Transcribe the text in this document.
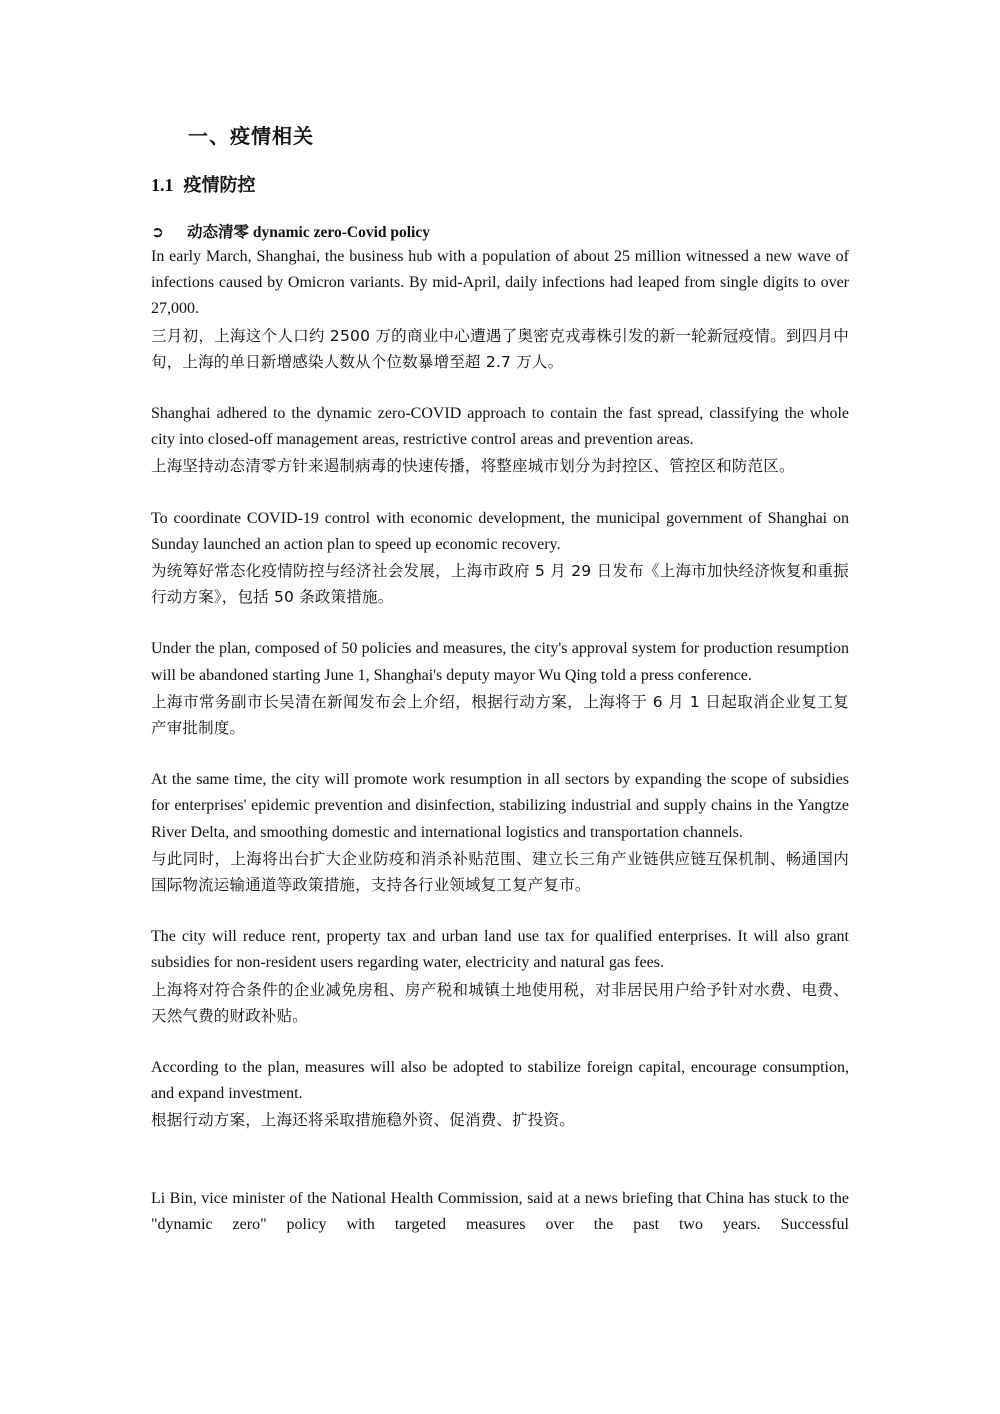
一、疫情相关
1.1 疫情防控
➲ 动态清零 dynamic zero-Covid policy

In early March, Shanghai, the business hub with a population of about 25 million witnessed a new wave of infections caused by Omicron variants. By mid-April, daily infections had leaped from single digits to over 27,000.

三月初，上海这个人口约 2500 万的商业中心遭遇了奥密克戎毒株引发的新一轮新冠疫情。到四月中旬，上海的单日新增感染人数从个位数暴增至超 2.7 万人。

Shanghai adhered to the dynamic zero-COVID approach to contain the fast spread, classifying the whole city into closed-off management areas, restrictive control areas and prevention areas.

上海坚持动态清零方针来遏制病毒的快速传播，将整座城市划分为封控区、管控区和防范区。

To coordinate COVID-19 control with economic development, the municipal government of Shanghai on Sunday launched an action plan to speed up economic recovery.

为统筹好常态化疫情防控与经济社会发展，上海市政府 5 月 29 日发布《上海市加快经济恢复和重振行动方案》，包括 50 条政策措施。

Under the plan, composed of 50 policies and measures, the city's approval system for production resumption will be abandoned starting June 1, Shanghai's deputy mayor Wu Qing told a press conference.

上海市常务副市长吴清在新闻发布会上介绍，根据行动方案，上海将于 6 月 1 日起取消企业复工复产审批制度。

At the same time, the city will promote work resumption in all sectors by expanding the scope of subsidies for enterprises' epidemic prevention and disinfection, stabilizing industrial and supply chains in the Yangtze River Delta, and smoothing domestic and international logistics and transportation channels.

与此同时，上海将出台扩大企业防疫和消杀补贴范围、建立长三角产业链供应链互保机制、畅通国内国际物流运输通道等政策措施，支持各行业领域复工复产复市。

The city will reduce rent, property tax and urban land use tax for qualified enterprises. It will also grant subsidies for non-resident users regarding water, electricity and natural gas fees.

上海将对符合条件的企业减免房租、房产税和城镇土地使用税，对非居民用户给予针对水费、电费、天然气费的财政补贴。

According to the plan, measures will also be adopted to stabilize foreign capital, encourage consumption, and expand investment.

根据行动方案，上海还将采取措施稳外资、促消费、扩投资。

Li Bin, vice minister of the National Health Commission, said at a news briefing that China has stuck to the "dynamic zero" policy with targeted measures over the past two years. Successful
